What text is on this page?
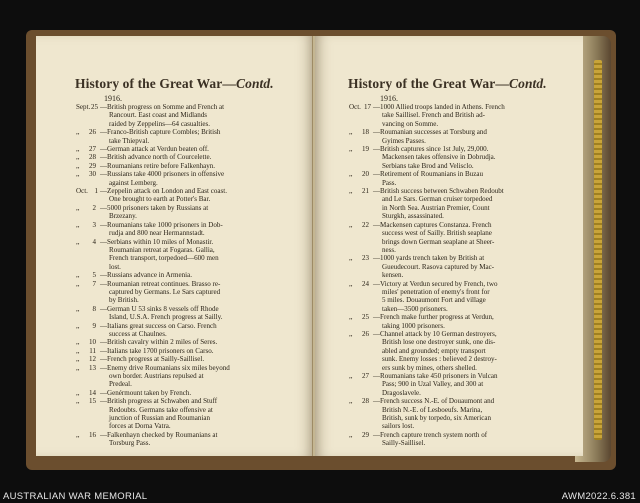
History of the Great War—Contd.
1916.
Sept. 25 —British progress on Somme and French at
Rancourt. East coast and Midlands
raided by Zeppelins—64 casualties.
,,	26 —Franco-British capture Combles; British
take Thiepval.
,,	27 —German attack at Verdun beaten off.
,,	28 —British advance north of Courcelette.
,,	29 —Roumanians retire before Falkenhayn.
,,	30 —Russians take 4000 prisoners in offensive
against Lemberg.
Oct. 1 —Zeppelin attack on London and East coast.
One brought to earth at Potter's Bar.
,,	2 —5000 prisoners taken by Russians at
Brzezany.
,,	3 —Roumanians take 1000 prisoners in Dob-
rudja and 800 near Hermannstadt.
,,	4 —Serbians within 10 miles of Monastir.
Roumanian retreat at Fogaras. Gallia,
French transport, torpedoed—600 men
lost.
,,	5 —Russians advance in Armenia.
,,	7 —Roumanian retreat continues. Brasso re-
captured by Germans. Le Sars captured
by British.
,,	8 —German U 53 sinks 8 vessels off Rhode
Island, U.S.A. French progress at Sailly.
,,	9 —Italians great success on Carso. French
success at Chaulnes.
,,	10 —British cavalry within 2 miles of Seres.
,,	11 —Italians take 1700 prisoners on Carso.
,,	12 —French progress at Sailly-Saillisel.
,,	13 —Enemy drive Roumanians six miles beyond
own border. Austrians repulsed at
Predeal.
,,	14 —Genérmount taken by French.
,,	15 —British progress at Schwaben and Stuff
Redoubts. Germans take offensive at
junction of Russian and Roumanian
forces at Dorna Vatra.
,,	16 —Falkenhayn checked by Roumanians at
Torsburg Pass.
History of the Great War—Contd.
1916.
Oct. 17 —1000 Allied troops landed in Athens. French
take Saillisel. French and British ad-
vancing on Somme.
,,	18 —Roumanian successes at Torsburg and
Gyimes Passes.
,,	19 —British captures since 1st July, 29,000.
Mackensen takes offensive in Dobrudja.
Serbians take Brod and Velisclo.
,,	20 —Retirement of Roumanians in Buzau
Pass.
,,	21 —British success between Schwaben Redoubt
and Le Sars. German cruiser torpedoed
in North Sea. Austrian Premier, Count
Sturgkh, assassinated.
,,	22 —Mackensen captures Constanza. French
success west of Sailly. British seaplane
brings down German seaplane at Sheer-
ness.
,,	23 —1000 yards trench taken by British at
Gueudecourt. Rasova captured by Mac-
kensen.
,,	24 —Victory at Verdun secured by French, two
miles' penetration of enemy's front for
5 miles. Douaumont Fort and village
taken—3500 prisoners.
,,	25 —French make further progress at Verdun,
taking 1000 prisoners.
,,	26 —Channel attack by 10 German destroyers,
British lose one destroyer sunk, one dis-
abled and grounded; empty transport
sunk. Enemy losses : believed 2 destroy-
ers sunk by mines, others shelled.
,,	27 —Roumanians take 450 prisoners in Vulcan
Pass; 900 in Uzal Valley, and 300 at
Dragoslavele.
,,	28 —French success N.-E. of Douaumont and
British N.-E. of Lesboeufs. Marina,
British, sunk by torpedo, six American
sailors lost.
,,	29 —French capture trench system north of
Sailly-Saillisel.
AUSTRALIAN WAR MEMORIAL	AWM2022.6.381
